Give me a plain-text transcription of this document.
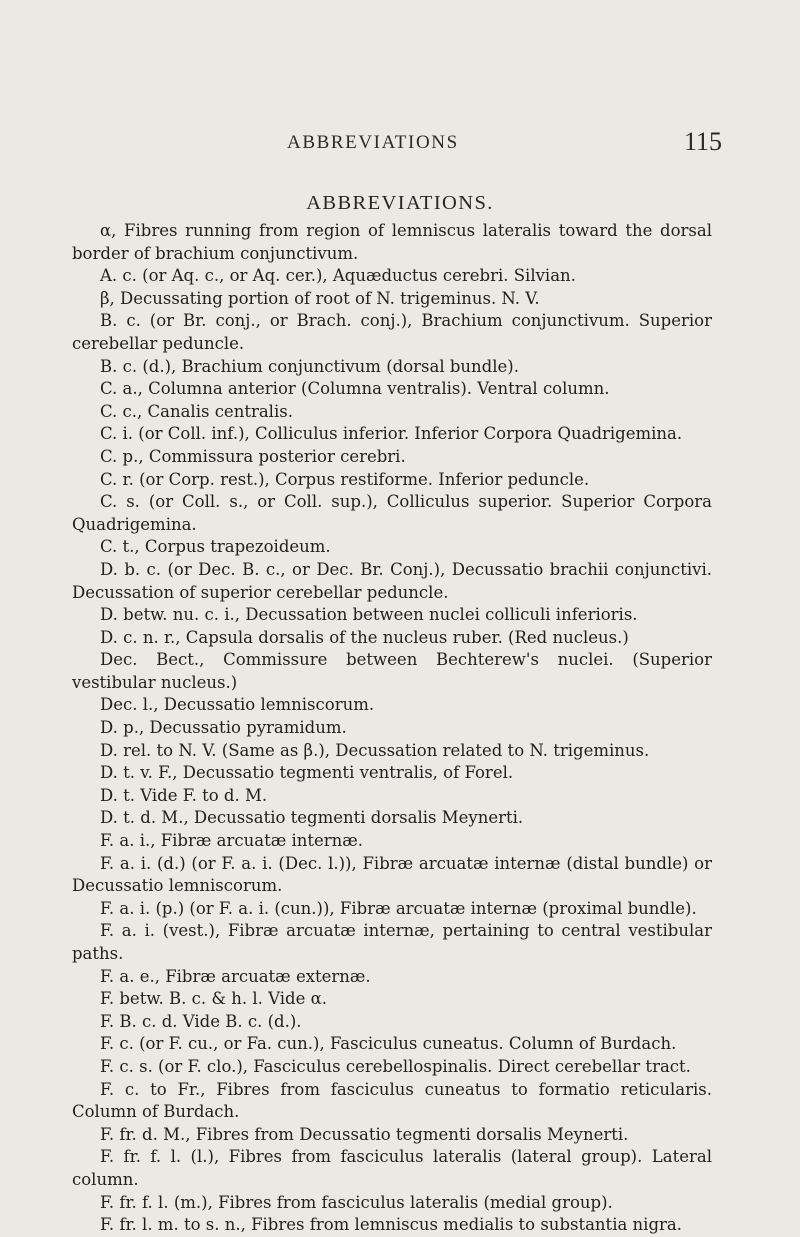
ABBREVIATIONS	115
ABBREVIATIONS.

α, Fibres running from region of lemniscus lateralis toward the dorsal border of brachium conjunctivum.

A. c. (or Aq. c., or Aq. cer.), Aquæductus cerebri. Silvian.

β, Decussating portion of root of N. trigeminus. N. V.

B. c. (or Br. conj., or Brach. conj.), Brachium conjunctivum. Superior cerebellar peduncle.

B. c. (d.), Brachium conjunctivum (dorsal bundle).

C. a., Columna anterior (Columna ventralis). Ventral column.

C. c., Canalis centralis.

C. i. (or Coll. inf.), Colliculus inferior. Inferior Corpora Quadrigemina.

C. p., Commissura posterior cerebri.

C. r. (or Corp. rest.), Corpus restiforme. Inferior peduncle.

C. s. (or Coll. s., or Coll. sup.), Colliculus superior. Superior Corpora Quadrigemina.

C. t., Corpus trapezoideum.

D. b. c. (or Dec. B. c., or Dec. Br. Conj.), Decussatio brachii conjunctivi. Decussation of superior cerebellar peduncle.

D. betw. nu. c. i., Decussation between nuclei colliculi inferioris.

D. c. n. r., Capsula dorsalis of the nucleus ruber. (Red nucleus.)

Dec. Bect., Commissure between Bechterew's nuclei. (Superior vestibular nucleus.)

Dec. l., Decussatio lemniscorum.

D. p., Decussatio pyramidum.

D. rel. to N. V. (Same as β.), Decussation related to N. trigeminus.

D. t. v. F., Decussatio tegmenti ventralis, of Forel.

D. t. Vide F. to d. M.

D. t. d. M., Decussatio tegmenti dorsalis Meynerti.

F. a. i., Fibræ arcuatæ internæ.

F. a. i. (d.) (or F. a. i. (Dec. l.)), Fibræ arcuatæ internæ (distal bundle) or Decussatio lemniscorum.

F. a. i. (p.) (or F. a. i. (cun.)), Fibræ arcuatæ internæ (proximal bundle).

F. a. i. (vest.), Fibræ arcuatæ internæ, pertaining to central vestibular paths.

F. a. e., Fibræ arcuatæ externæ.

F. betw. B. c. & h. l. Vide α.

F. B. c. d. Vide B. c. (d.).

F. c. (or F. cu., or Fa. cun.), Fasciculus cuneatus. Column of Burdach.

F. c. s. (or F. clo.), Fasciculus cerebellospinalis. Direct cerebellar tract.

F. c. to Fr., Fibres from fasciculus cuneatus to formatio reticularis. Column of Burdach.

F. fr. d. M., Fibres from Decussatio tegmenti dorsalis Meynerti.

F. fr. f. l. (l.), Fibres from fasciculus lateralis (lateral group). Lateral column.

F. fr. f. l. (m.), Fibres from fasciculus lateralis (medial group).

F. fr. l. m. to s. n., Fibres from lemniscus medialis to substantia nigra.
